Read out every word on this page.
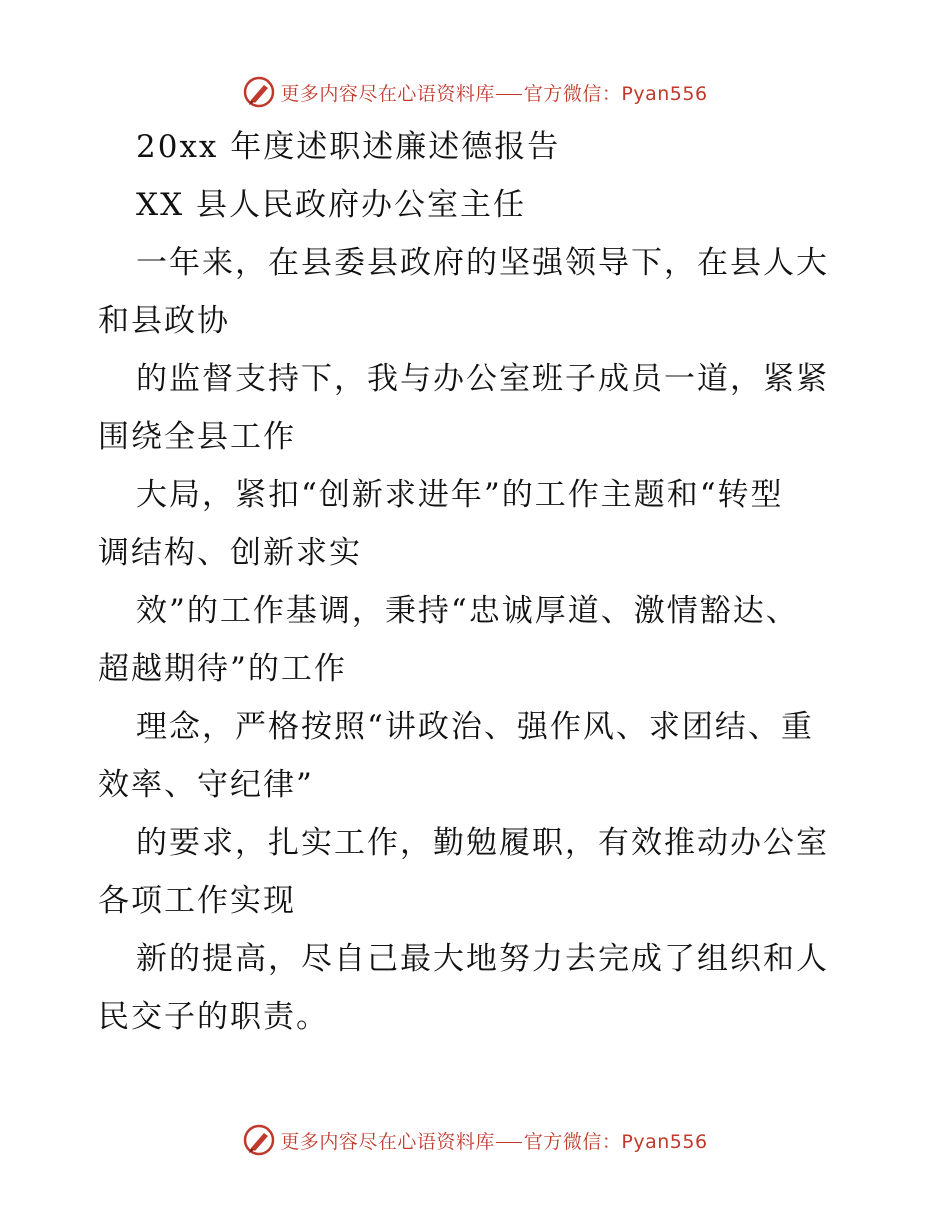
更多内容尽在心语资料库 官方微信：Pyan556
20xx 年度述职述廉述德报告
XX 县人民政府办公室主任
一年来，在县委县政府的坚强领导下，在县人大
和县政协
的监督支持下，我与办公室班子成员一道，紧紧
围绕全县工作
大局，紧扣“创新求进年”的工作主题和“转型
调结构、创新求实
效”的工作基调，秉持“忠诚厚道、激情豁达、
超越期待”的工作
理念，严格按照“讲政治、强作风、求团结、重
效率、守纪律”
的要求，扎实工作，勤勉履职，有效推动办公室
各项工作实现
新的提高，尽自己最大地努力去完成了组织和人
民交子的职责。
更多内容尽在心语资料库 官方微信：Pyan556
